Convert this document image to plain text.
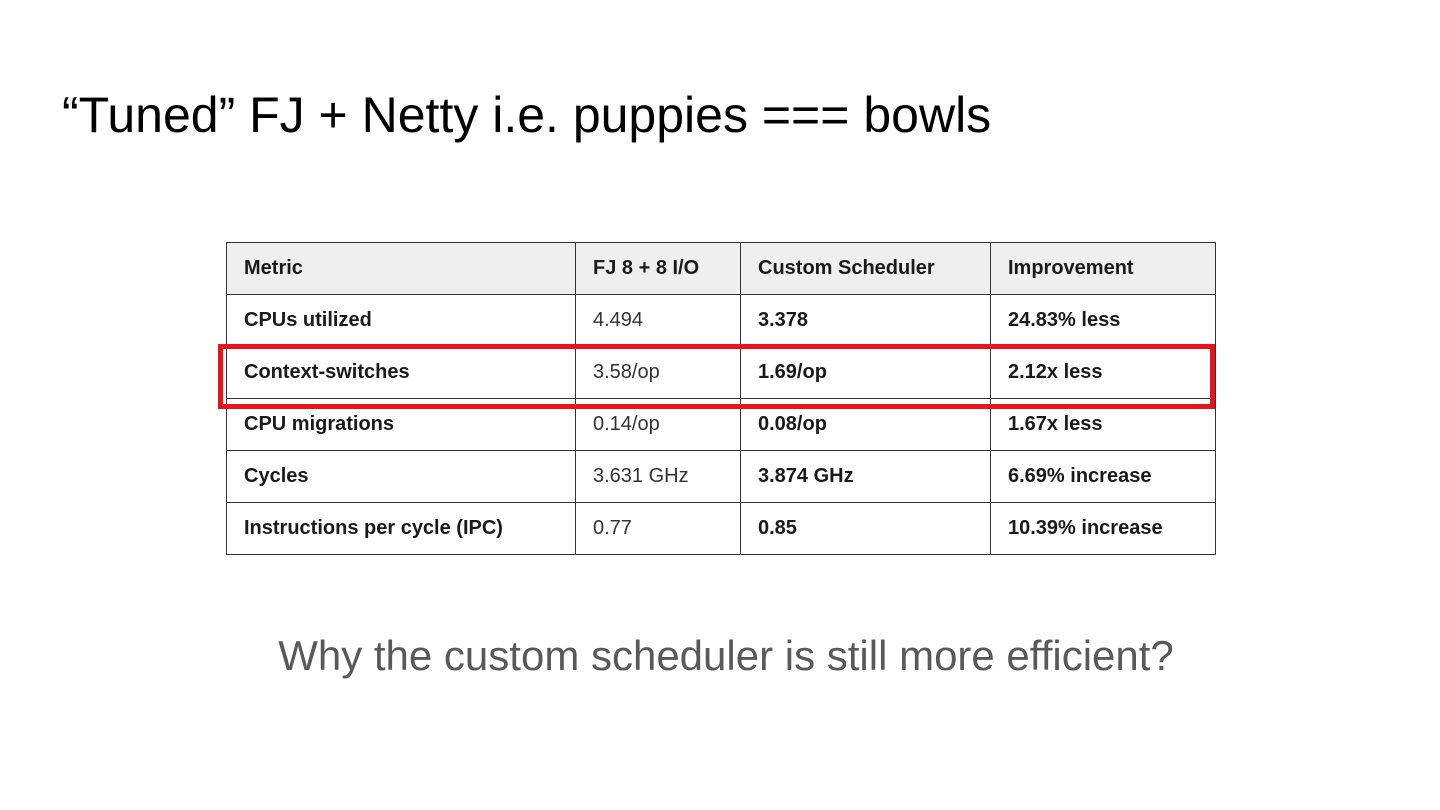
“Tuned” FJ + Netty i.e. puppies === bowls
Metric	FJ 8 + 8 I/O	Custom Scheduler	Improvement
CPUs utilized	4.494	3.378	24.83% less
Context-switches	3.58/op	1.69/op	2.12x less
CPU migrations	0.14/op	0.08/op	1.67x less
Cycles	3.631 GHz	3.874 GHz	6.69% increase
Instructions per cycle (IPC)	0.77	0.85	10.39% increase

Why the custom scheduler is still more efficient?
